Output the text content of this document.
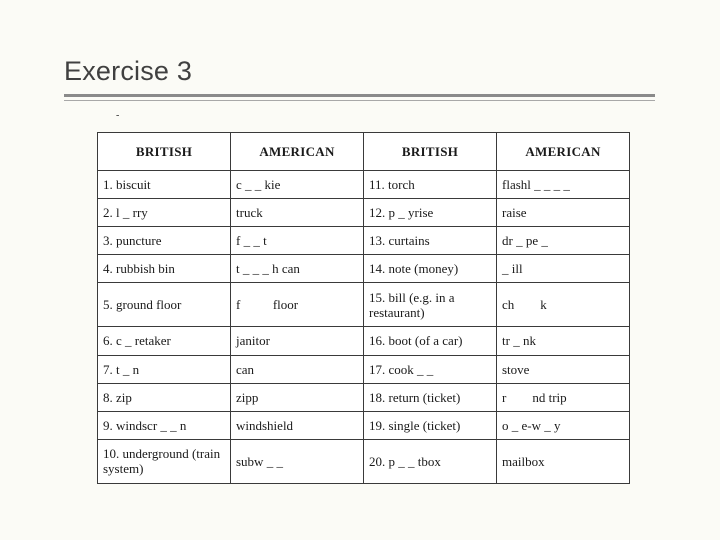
Exercise 3
-
BRITISH	AMERICAN	BRITISH	AMERICAN
1. biscuit	c _ _ kie	11. torch	flashl _ _ _ _
2. l _ rry	truck	12. p _ yrise	raise
3. puncture	f _ _ t	13. curtains	dr _ pe _
4. rubbish bin	t _ _ _ h can	14. note (money)	_ ill
5. ground floor	f          floor	15. bill (e.g. in a restaurant)	ch        k
6. c _ retaker	janitor	16. boot (of a car)	tr _ nk
7. t _ n	can	17. cook _ _	stove
8. zip	zipp	18. return (ticket)	r        nd trip
9. windscr _ _ n	windshield	19. single (ticket)	o _ e-w _ y
10. underground (train system)	subw _ _	20. p _ _ tbox	mailbox
